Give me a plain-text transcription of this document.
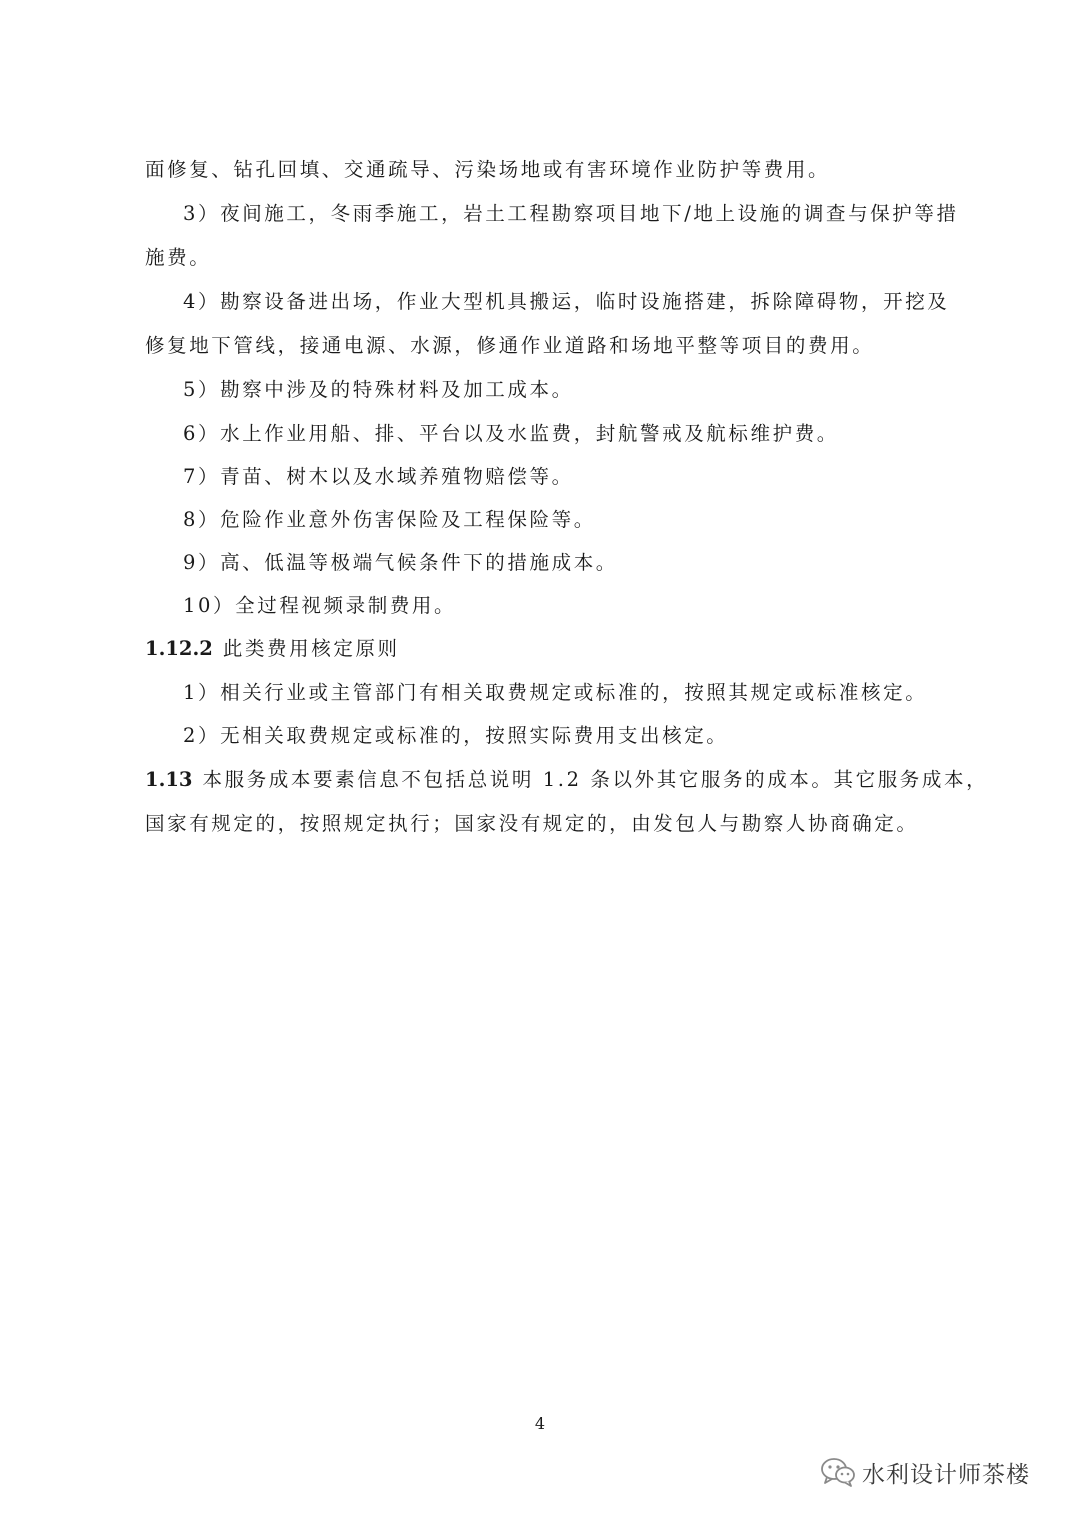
面修复、钻孔回填、交通疏导、污染场地或有害环境作业防护等费用。
3）夜间施工，冬雨季施工，岩土工程勘察项目地下/地上设施的调查与保护等措
施费。
4）勘察设备进出场，作业大型机具搬运，临时设施搭建，拆除障碍物，开挖及
修复地下管线，接通电源、水源，修通作业道路和场地平整等项目的费用。
5）勘察中涉及的特殊材料及加工成本。
6）水上作业用船、排、平台以及水监费，封航警戒及航标维护费。
7）青苗、树木以及水域养殖物赔偿等。
8）危险作业意外伤害保险及工程保险等。
9）高、低温等极端气候条件下的措施成本。
10）全过程视频录制费用。
1.12.2 此类费用核定原则
1）相关行业或主管部门有相关取费规定或标准的，按照其规定或标准核定。
2）无相关取费规定或标准的，按照实际费用支出核定。
1.13 本服务成本要素信息不包括总说明 1.2 条以外其它服务的成本。其它服务成本，
国家有规定的，按照规定执行；国家没有规定的，由发包人与勘察人协商确定。
4
水利设计师茶楼
